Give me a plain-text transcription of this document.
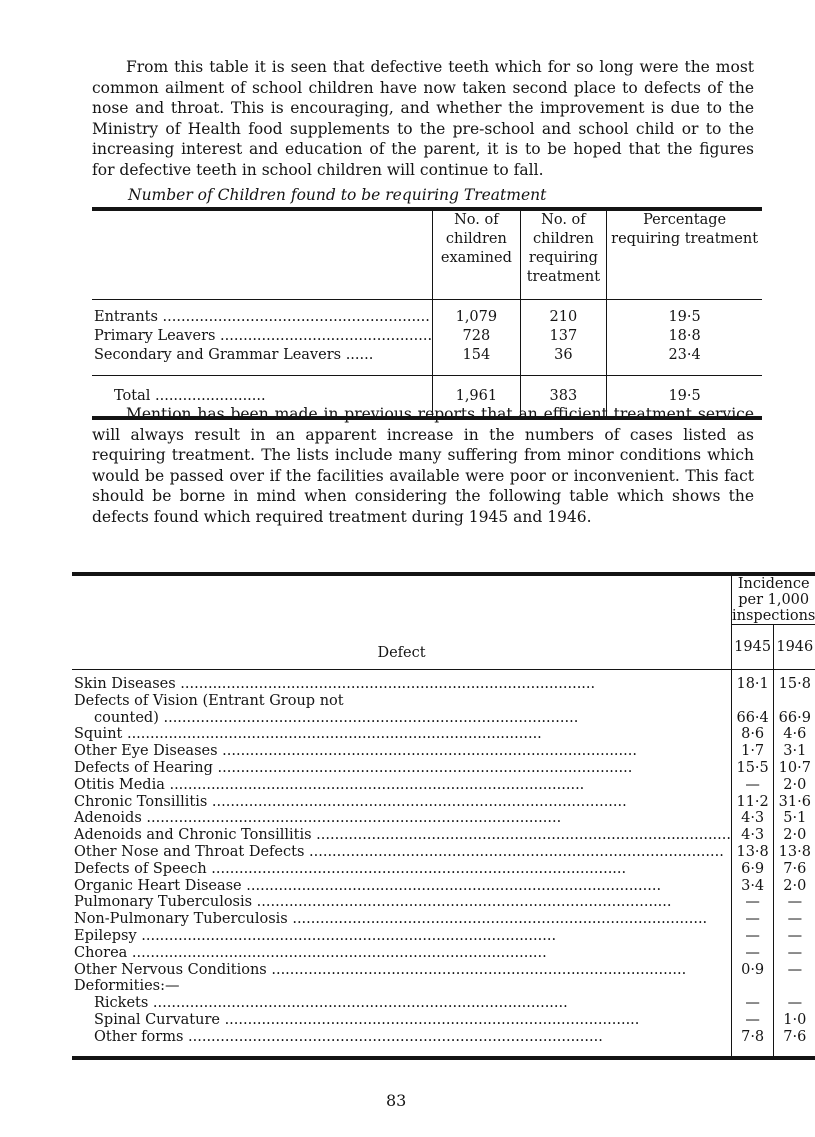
From this table it is seen that defective teeth which for so long were the most common ailment of school children have now taken second place to defects of the nose and throat. This is encouraging, and whether the improvement is due to the Ministry of Health food supplements to the pre-school and school child or to the increasing interest and education of the parent, it is to be hoped that the figures for defective teeth in school children will continue to fall.

Number of Children found to be requiring Treatment
	No. of children examined	No. of children requiring treatment	Percentage requiring treatment
Entrants ..........................................................	1,079	210	19·5
Primary Leavers ..............................................	728	137	18·8
Secondary and Grammar Leavers ......	154	36	23·4
Total ........................	1,961	383	19·5

Mention has been made in previous reports that an efficient treatment service will always result in an apparent increase in the numbers of cases listed as requiring treatment. The lists include many suffering from minor conditions which would be passed over if the facilities available were poor or inconvenient. This fact should be borne in mind when considering the following table which shows the defects found which required treatment during 1945 and 1946.

Defect	Incidence per 1,000 inspections	
	1945	1946
Skin Diseases ..........................................................................................	18·1	15·8
Defects of Vision (Entrant Group not		
counted) ..........................................................................................	66·4	66·9
Squint ..........................................................................................	8·6	4·6
Other Eye Diseases ..........................................................................................	1·7	3·1
Defects of Hearing ..........................................................................................	15·5	10·7
Otitis Media ..........................................................................................	—	2·0
Chronic Tonsillitis ..........................................................................................	11·2	31·6
Adenoids ..........................................................................................	4·3	5·1
Adenoids and Chronic Tonsillitis ..........................................................................................	4·3	2·0
Other Nose and Throat Defects ..........................................................................................	13·8	13·8
Defects of Speech ..........................................................................................	6·9	7·6
Organic Heart Disease ..........................................................................................	3·4	2·0
Pulmonary Tuberculosis ..........................................................................................	—	—
Non-Pulmonary Tuberculosis ..........................................................................................	—	—
Epilepsy ..........................................................................................	—	—
Chorea ..........................................................................................	—	—
Other Nervous Conditions ..........................................................................................	0·9	—
Deformities:—		
Rickets ..........................................................................................	—	—
Spinal Curvature ..........................................................................................	—	1·0
Other forms ..........................................................................................	7·8	7·6
83
